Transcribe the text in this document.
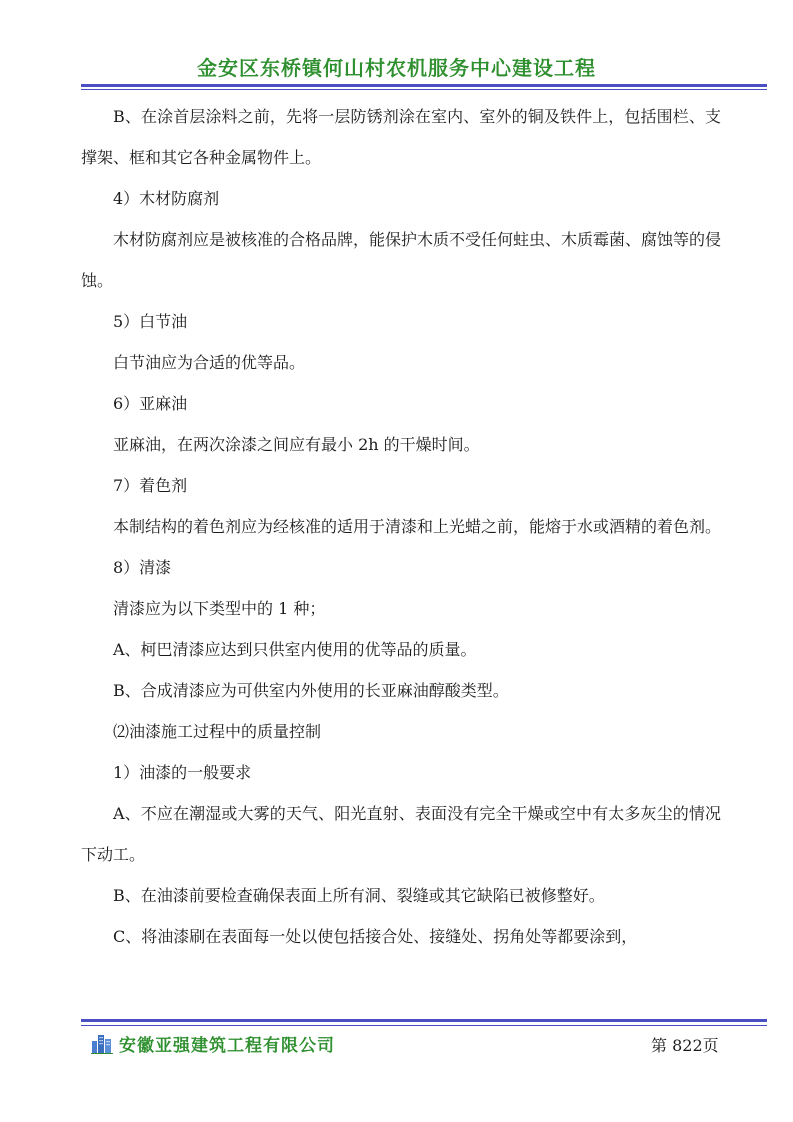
金安区东桥镇何山村农机服务中心建设工程

B、在涂首层涂料之前，先将一层防锈剂涂在室内、室外的铜及铁件上，包括围栏、支撑架、框和其它各种金属物件上。

4）木材防腐剂

木材防腐剂应是被核准的合格品牌，能保护木质不受任何蛀虫、木质霉菌、腐蚀等的侵蚀。

5）白节油

白节油应为合适的优等品。

6）亚麻油

亚麻油，在两次涂漆之间应有最小 2h 的干燥时间。

7）着色剂

本制结构的着色剂应为经核准的适用于清漆和上光蜡之前，能熔于水或酒精的着色剂。

8）清漆

清漆应为以下类型中的 1 种；

A、柯巴清漆应达到只供室内使用的优等品的质量。

B、合成清漆应为可供室内外使用的长亚麻油醇酸类型。

⑵油漆施工过程中的质量控制

1）油漆的一般要求

A、不应在潮湿或大雾的天气、阳光直射、表面没有完全干燥或空中有太多灰尘的情况下动工。

B、在油漆前要检查确保表面上所有洞、裂缝或其它缺陷已被修整好。

C、将油漆刷在表面每一处以使包括接合处、接缝处、拐角处等都要涂到，

安徽亚强建筑工程有限公司	第 822页
